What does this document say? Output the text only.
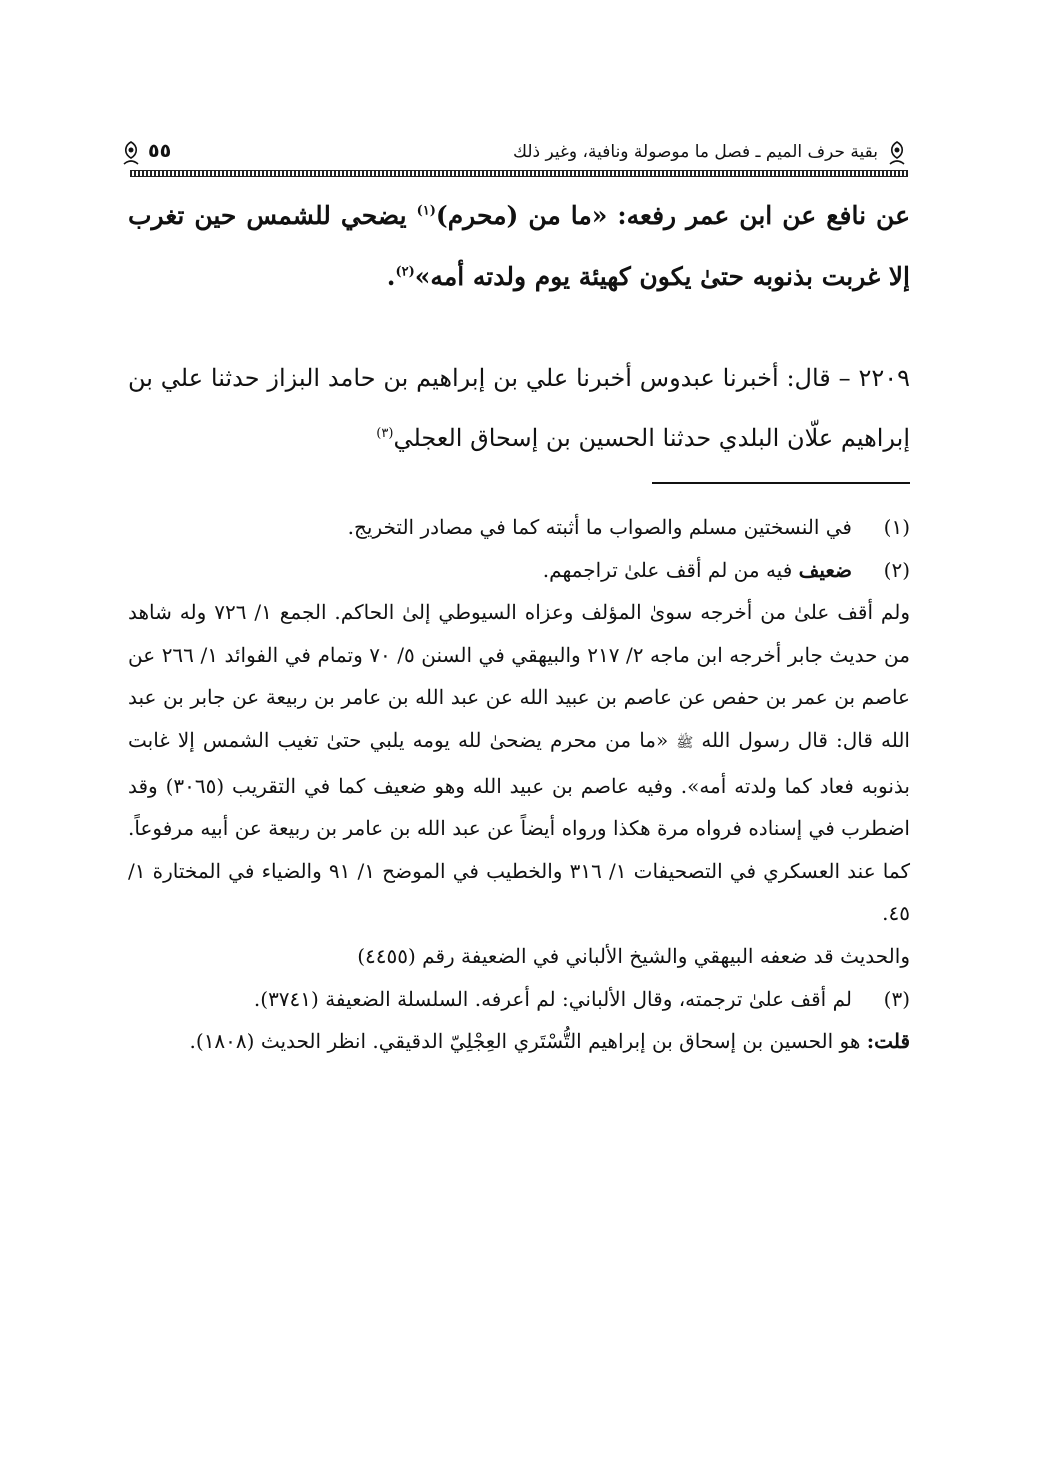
بقية حرف الميم ـ فصل ما موصولة ونافية، وغير ذلك
٥٥
عن نافع عن ابن عمر رفعه: «ما من (محرم)$^{(١)}$ يضحي للشمس حين تغرب إلا غربت بذنوبه حتىٰ يكون كهيئة يوم ولدته أمه»$^{(٢)}$.
٢٢٠٩ – قال: أخبرنا عبدوس أخبرنا علي بن إبراهيم بن حامد البزاز حدثنا علي بن إبراهيم علّان البلدي حدثنا الحسين بن إسحاق العجلي$^{(٣)}$
(١)
في النسختين مسلم والصواب ما أثبته كما في مصادر التخريج.
(٢)
ضعيف فيه من لم أقف علىٰ تراجمهم.
ولم أقف علىٰ من أخرجه سوىٰ المؤلف وعزاه السيوطي إلىٰ الحاكم. الجمع ١/ ٧٢٦ وله شاهد من حديث جابر أخرجه ابن ماجه ٢/ ٢١٧ والبيهقي في السنن ٥/ ٧٠ وتمام في الفوائد ١/ ٢٦٦ عن عاصم بن عمر بن حفص عن عاصم بن عبيد الله عن عبد الله بن عامر بن ربيعة عن جابر بن عبد الله قال: قال رسول الله ﷺ «ما من محرم يضحىٰ لله يومه يلبي حتىٰ تغيب الشمس إلا غابت بذنوبه فعاد كما ولدته أمه». وفيه عاصم بن عبيد الله وهو ضعيف كما في التقريب (٣٠٦٥) وقد اضطرب في إسناده فرواه مرة هكذا ورواه أيضاً عن عبد الله بن عامر بن ربيعة عن أبيه مرفوعاً. كما عند العسكري في التصحيفات ١/ ٣١٦ والخطيب في الموضح ١/ ٩١ والضياء في المختارة ١/ ٤٥.
والحديث قد ضعفه البيهقي والشيخ الألباني في الضعيفة رقم (٤٤٥٥)
(٣)
لم أقف علىٰ ترجمته، وقال الألباني: لم أعرفه. السلسلة الضعيفة (٣٧٤١).
قلت: هو الحسين بن إسحاق بن إبراهيم التُّسْتَري العِجْلِيّ الدقيقي. انظر الحديث (١٨٠٨).
